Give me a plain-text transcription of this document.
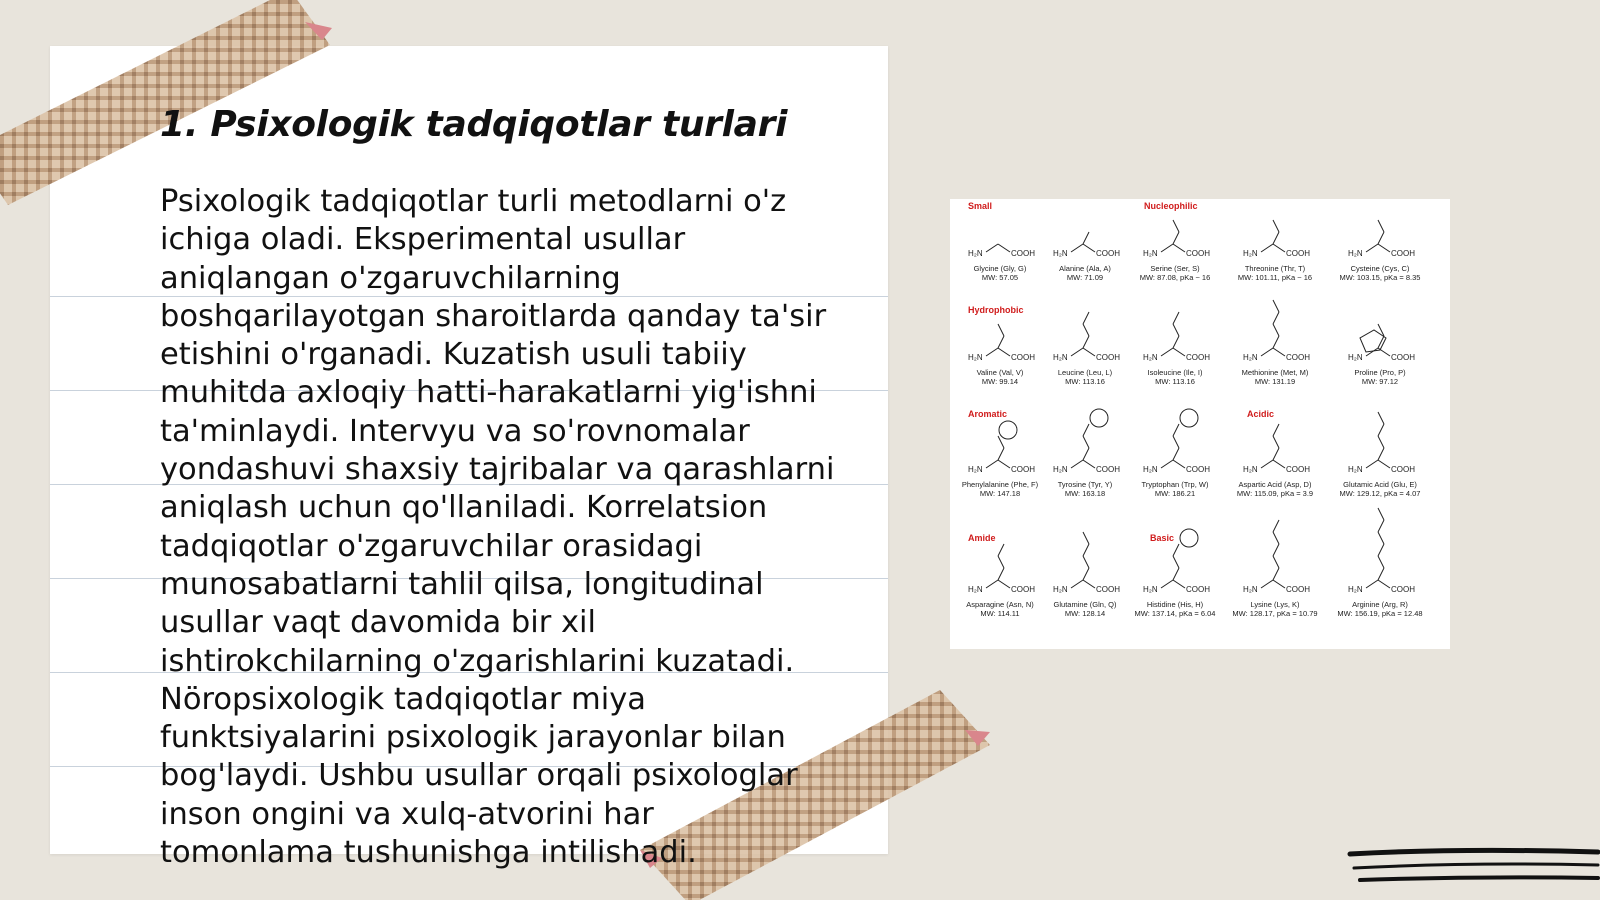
1. Psixologik tadqiqotlar turlari
Psixologik tadqiqotlar turli metodlarni o'z ichiga oladi. Eksperimental usullar aniqlangan o'zgaruvchilarning boshqarilayotgan sharoitlarda qanday ta'sir etishini o'rganadi. Kuzatish usuli tabiiy muhitda axloqiy hatti-harakatlarni yig'ishni ta'minlaydi. Intervyu va so'rovnomalar yondashuvi shaxsiy tajribalar va qarashlarni aniqlash uchun qo'llaniladi. Korrelatsion tadqiqotlar o'zgaruvchilar orasidagi munosabatlarni tahlil qilsa, longitudinal usullar vaqt davomida bir xil ishtirokchilarning o'zgarishlarini kuzatadi. Nöropsixologik tadqiqotlar miya funktsiyalarini psixologik jarayonlar bilan bog'laydi. Ushbu usullar orqali psixologlar inson ongini va xulq-atvorini har tomonlama tushunishga intilishadi.
Small	Nucleophilic
Hydrophobic
Aromatic	Acidic
Amide	Basic
H₂N	COOH
Glycine (Gly, G)
MW: 57.05
H₂N	COOH
Alanine (Ala, A)
MW: 71.09
H₂N	COOH
Serine (Ser, S)
MW: 87.08, pKa ~ 16
H₂N	COOH
Threonine (Thr, T)
MW: 101.11, pKa ~ 16
H₂N	COOH
Cysteine (Cys, C)
MW: 103.15, pKa = 8.35
H₂N	COOH
Valine (Val, V)
MW: 99.14
H₂N	COOH
Leucine (Leu, L)
MW: 113.16
H₂N	COOH
Isoleucine (Ile, I)
MW: 113.16
H₂N	COOH
Methionine (Met, M)
MW: 131.19
H₂N	COOH
Proline (Pro, P)
MW: 97.12
H₂N	COOH
Phenylalanine (Phe, F)
MW: 147.18
H₂N	COOH
Tyrosine (Tyr, Y)
MW: 163.18
H₂N	COOH
Tryptophan (Trp, W)
MW: 186.21
H₂N	COOH
Aspartic Acid (Asp, D)
MW: 115.09, pKa = 3.9
H₂N	COOH
Glutamic Acid (Glu, E)
MW: 129.12, pKa = 4.07
H₂N	COOH
Asparagine (Asn, N)
MW: 114.11
H₂N	COOH
Glutamine (Gln, Q)
MW: 128.14
H₂N	COOH
Histidine (His, H)
MW: 137.14, pKa = 6.04
H₂N	COOH
Lysine (Lys, K)
MW: 128.17, pKa = 10.79
H₂N	COOH
Arginine (Arg, R)
MW: 156.19, pKa = 12.48
